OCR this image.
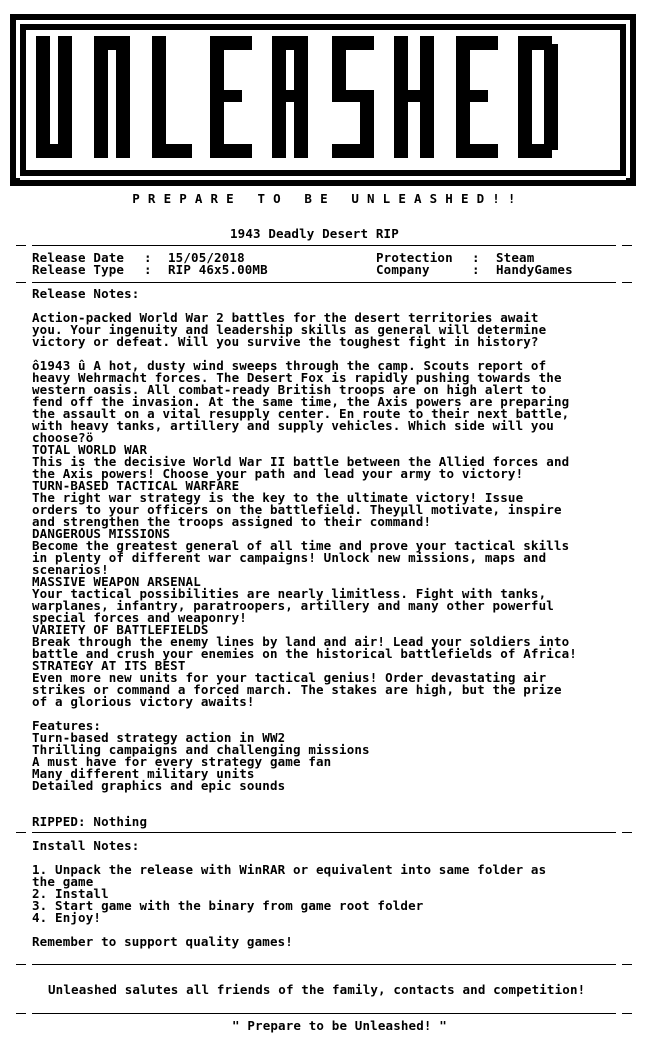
P R E P A R E   T O   B E   U N L E A S H E D ! !
1943 Deadly Desert RIP
Release Date : 15/05/2018
Release Type : RIP 46x5.00MB
Protection : Steam
Company	: HandyGames
Release Notes:
Action-packed World War 2 battles for the desert territories await
you. Your ingenuity and leadership skills as general will determine
victory or defeat. Will you survive the toughest fight in history?
ô1943 û A hot, dusty wind sweeps through the camp. Scouts report of
heavy Wehrmacht forces. The Desert Fox is rapidly pushing towards the
western oasis. All combat-ready British troops are on high alert to
fend off the invasion. At the same time, the Axis powers are preparing
the assault on a vital resupply center. En route to their next battle,
with heavy tanks, artillery and supply vehicles. Which side will you
choose?ö
TOTAL WORLD WAR
This is the decisive World War II battle between the Allied forces and
the Axis powers! Choose your path and lead your army to victory!
TURN-BASED TACTICAL WARFARE
The right war strategy is the key to the ultimate victory! Issue
orders to your officers on the battlefield. Theyµll motivate, inspire
and strengthen the troops assigned to their command!
DANGEROUS MISSIONS
Become the greatest general of all time and prove your tactical skills
in plenty of different war campaigns! Unlock new missions, maps and
scenarios!
MASSIVE WEAPON ARSENAL
Your tactical possibilities are nearly limitless. Fight with tanks,
warplanes, infantry, paratroopers, artillery and many other powerful
special forces and weaponry!
VARIETY OF BATTLEFIELDS
Break through the enemy lines by land and air! Lead your soldiers into
battle and crush your enemies on the historical battlefields of Africa!
STRATEGY AT ITS BEST
Even more new units for your tactical genius! Order devastating air
strikes or command a forced march. The stakes are high, but the prize
of a glorious victory awaits!
Features:
Turn-based strategy action in WW2
Thrilling campaigns and challenging missions
A must have for every strategy game fan
Many different military units
Detailed graphics and epic sounds
RIPPED: Nothing
Install Notes:
1. Unpack the release with WinRAR or equivalent into same folder as
the game
2. Install
3. Start game with the binary from game root folder
4. Enjoy!
Remember to support quality games!
Unleashed salutes all friends of the family, contacts and competition!
" Prepare to be Unleashed! "
